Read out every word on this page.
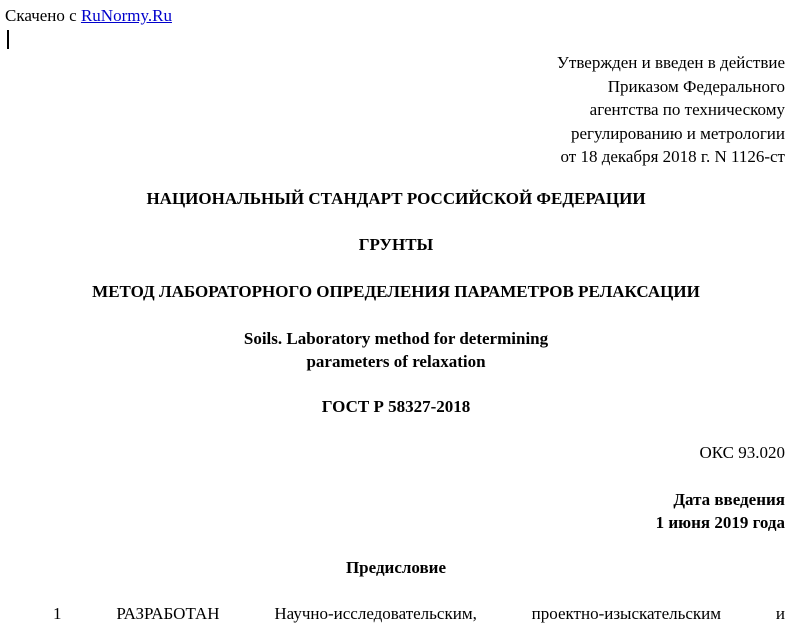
Скачено с RuNormy.Ru
Утвержден и введен в действие
Приказом Федерального
агентства по техническому
регулированию и метрологии
от 18 декабря 2018 г. N 1126-ст
НАЦИОНАЛЬНЫЙ СТАНДАРТ РОССИЙСКОЙ ФЕДЕРАЦИИ
ГРУНТЫ
МЕТОД ЛАБОРАТОРНОГО ОПРЕДЕЛЕНИЯ ПАРАМЕТРОВ РЕЛАКСАЦИИ
Soils. Laboratory method for determining
parameters of relaxation
ГОСТ Р 58327-2018
ОКС 93.020
Дата введения
1 июня 2019 года
Предисловие
1	РАЗРАБОТАН	Научно-исследовательским,	проектно-изыскательским	и
